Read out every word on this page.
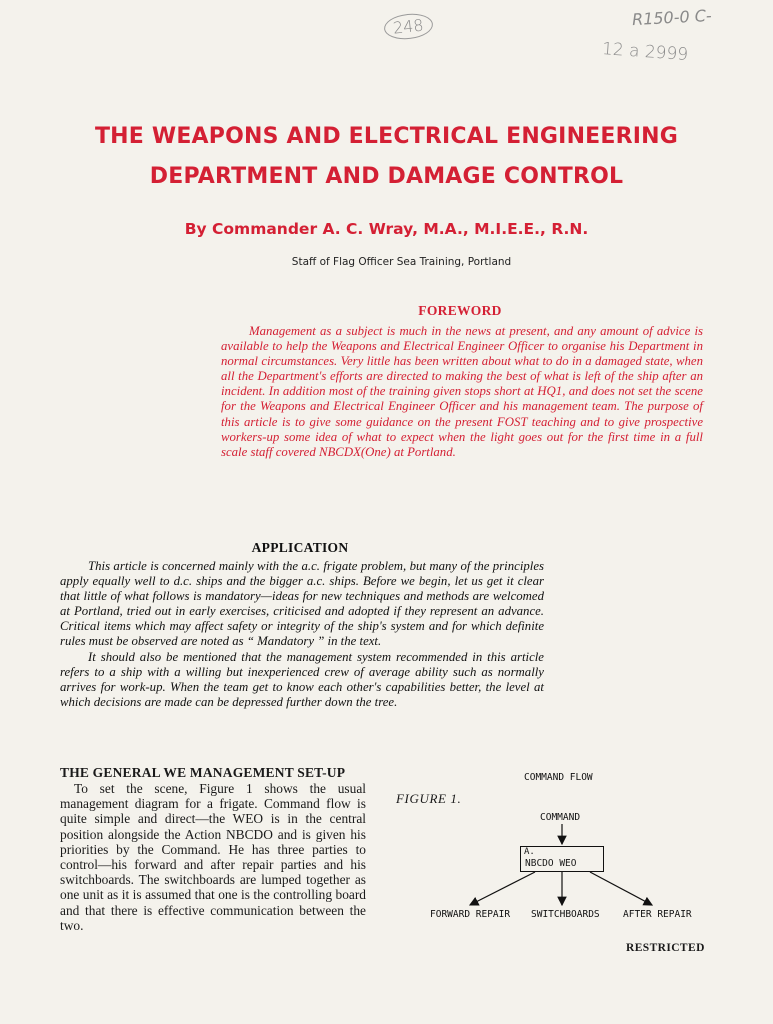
248	R150-0 C-
12 a 2999
THE WEAPONS AND ELECTRICAL ENGINEERING
DEPARTMENT AND DAMAGE CONTROL
By Commander A. C. Wray, M.A., M.I.E.E., R.N.
Staff of Flag Officer Sea Training, Portland
FOREWORD

Management as a subject is much in the news at present, and any amount of advice is available to help the Weapons and Electrical Engineer Officer to organise his Department in normal circumstances. Very little has been written about what to do in a damaged state, when all the Department's efforts are directed to making the best of what is left of the ship after an incident. In addition most of the training given stops short at HQ1, and does not set the scene for the Weapons and Electrical Engineer Officer and his management team. The purpose of this article is to give some guidance on the present FOST teaching and to give prospective workers-up some idea of what to expect when the light goes out for the first time in a full scale staff covered NBCDX(One) at Portland.

APPLICATION

This article is concerned mainly with the a.c. frigate problem, but many of the principles apply equally well to d.c. ships and the bigger a.c. ships. Before we begin, let us get it clear that little of what follows is mandatory—ideas for new techniques and methods are welcomed at Portland, tried out in early exercises, criticised and adopted if they represent an advance. Critical items which may affect safety or integrity of the ship's system and for which definite rules must be observed are noted as “ Mandatory ” in the text.

It should also be mentioned that the management system recommended in this article refers to a ship with a willing but inexperienced crew of average ability such as normally arrives for work-up. When the team get to know each other's capabilities better, the level at which decisions are made can be depressed further down the tree.

THE GENERAL WE MANAGEMENT SET-UP

To set the scene, Figure 1 shows the usual management diagram for a frigate. Command flow is quite simple and direct—the WEO is in the central position alongside the Action NBCDO and is given his priorities by the Command. He has three parties to control—his forward and after repair parties and his switchboards. The switchboards are lumped together as one unit as it is assumed that one is the controlling board and that there is effective communication between the two.

FIGURE 1.
COMMAND FLOW
COMMAND
A.
NBCDO WEO
FORWARD REPAIR SWITCHBOARDS AFTER REPAIR
RESTRICTED
